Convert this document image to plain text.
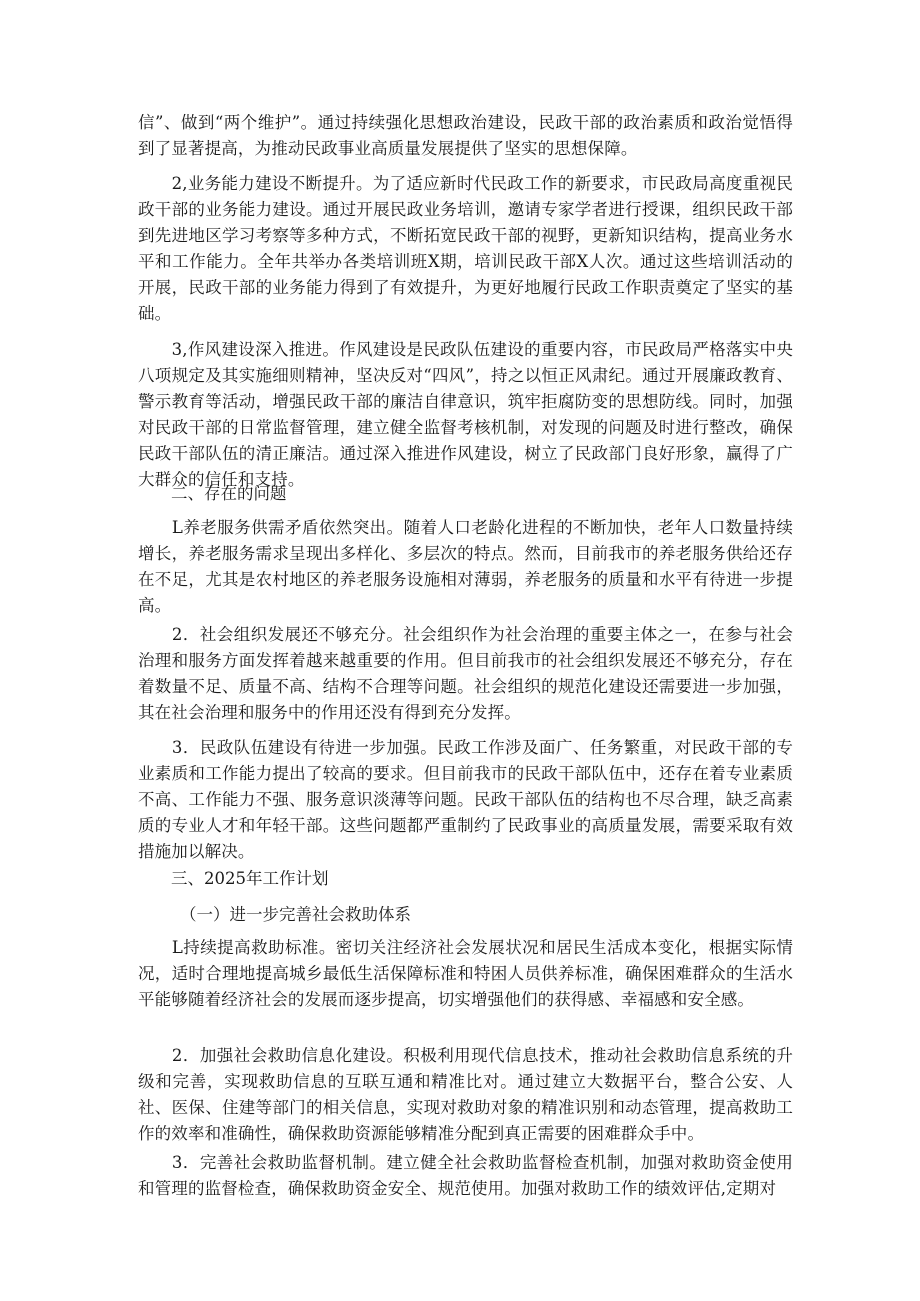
信”、做到“两个维护”。通过持续强化思想政治建设，民政干部的政治素质和政治觉悟得到了显著提高，为推动民政事业高质量发展提供了坚实的思想保障。

　　2,业务能力建设不断提升。为了适应新时代民政工作的新要求，市民政局高度重视民政干部的业务能力建设。通过开展民政业务培训，邀请专家学者进行授课，组织民政干部到先进地区学习考察等多种方式，不断拓宽民政干部的视野，更新知识结构，提高业务水平和工作能力。全年共举办各类培训班X期，培训民政干部X人次。通过这些培训活动的开展，民政干部的业务能力得到了有效提升，为更好地履行民政工作职责奠定了坚实的基础。

　　3,作风建设深入推进。作风建设是民政队伍建设的重要内容，市民政局严格落实中央八项规定及其实施细则精神，坚决反对“四风”，持之以恒正风肃纪。通过开展廉政教育、警示教育等活动，增强民政干部的廉洁自律意识，筑牢拒腐防变的思想防线。同时，加强对民政干部的日常监督管理，建立健全监督考核机制，对发现的问题及时进行整改，确保民政干部队伍的清正廉洁。通过深入推进作风建设，树立了民政部门良好形象，赢得了广大群众的信任和支持。

二、存在的问题

　　L养老服务供需矛盾依然突出。随着人口老龄化进程的不断加快，老年人口数量持续增长，养老服务需求呈现出多样化、多层次的特点。然而，目前我市的养老服务供给还存在不足，尤其是农村地区的养老服务设施相对薄弱，养老服务的质量和水平有待进一步提高。

　　2．社会组织发展还不够充分。社会组织作为社会治理的重要主体之一，在参与社会治理和服务方面发挥着越来越重要的作用。但目前我市的社会组织发展还不够充分，存在着数量不足、质量不高、结构不合理等问题。社会组织的规范化建设还需要进一步加强，其在社会治理和服务中的作用还没有得到充分发挥。

　　3．民政队伍建设有待进一步加强。民政工作涉及面广、任务繁重，对民政干部的专业素质和工作能力提出了较高的要求。但目前我市的民政干部队伍中，还存在着专业素质不高、工作能力不强、服务意识淡薄等问题。民政干部队伍的结构也不尽合理，缺乏高素质的专业人才和年轻干部。这些问题都严重制约了民政事业的高质量发展，需要采取有效措施加以解决。

三、2025年工作计划

（一）进一步完善社会救助体系

　　L持续提高救助标准。密切关注经济社会发展状况和居民生活成本变化，根据实际情况，适时合理地提高城乡最低生活保障标准和特困人员供养标准，确保困难群众的生活水平能够随着经济社会的发展而逐步提高，切实增强他们的获得感、幸福感和安全感。

　　2．加强社会救助信息化建设。积极利用现代信息技术，推动社会救助信息系统的升级和完善，实现救助信息的互联互通和精准比对。通过建立大数据平台，整合公安、人社、医保、住建等部门的相关信息，实现对救助对象的精准识别和动态管理，提高救助工作的效率和准确性，确保救助资源能够精准分配到真正需要的困难群众手中。

　　3．完善社会救助监督机制。建立健全社会救助监督检查机制，加强对救助资金使用和管理的监督检查，确保救助资金安全、规范使用。加强对救助工作的绩效评估,定期对
